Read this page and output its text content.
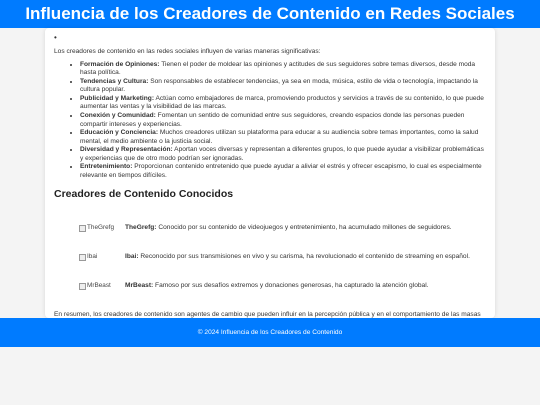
Influencia de los Creadores de Contenido en Redes Sociales
•

Los creadores de contenido en las redes sociales influyen de varias maneras significativas:

• Formación de Opiniones: Tienen el poder de moldear las opiniones y actitudes de sus seguidores sobre temas diversos, desde moda hasta política.
• Tendencias y Cultura: Son responsables de establecer tendencias, ya sea en moda, música, estilo de vida o tecnología, impactando la cultura popular.
• Publicidad y Marketing: Actúan como embajadores de marca, promoviendo productos y servicios a través de su contenido, lo que puede aumentar las ventas y la visibilidad de las marcas.
• Conexión y Comunidad: Fomentan un sentido de comunidad entre sus seguidores, creando espacios donde las personas pueden compartir intereses y experiencias.
• Educación y Conciencia: Muchos creadores utilizan su plataforma para educar a su audiencia sobre temas importantes, como la salud mental, el medio ambiente o la justicia social.
• Diversidad y Representación: Aportan voces diversas y representan a diferentes grupos, lo que puede ayudar a visibilizar problemáticas y experiencias que de otro modo podrían ser ignoradas.
• Entretenimiento: Proporcionan contenido entretenido que puede ayudar a aliviar el estrés y ofrecer escapismo, lo cual es especialmente relevante en tiempos difíciles.
Creadores de Contenido Conocidos
TheGrefg TheGrefg: Conocido por su contenido de videojuegos y entretenimiento, ha acumulado millones de seguidores.
Ibai	Ibai: Reconocido por sus transmisiones en vivo y su carisma, ha revolucionado el contenido de streaming en español.
MrBeast MrBeast: Famoso por sus desafíos extremos y donaciones generosas, ha capturado la atención global.

En resumen, los creadores de contenido son agentes de cambio que pueden influir en la percepción pública y en el comportamiento de las masas

© 2024 Influencia de los Creadores de Contenido
